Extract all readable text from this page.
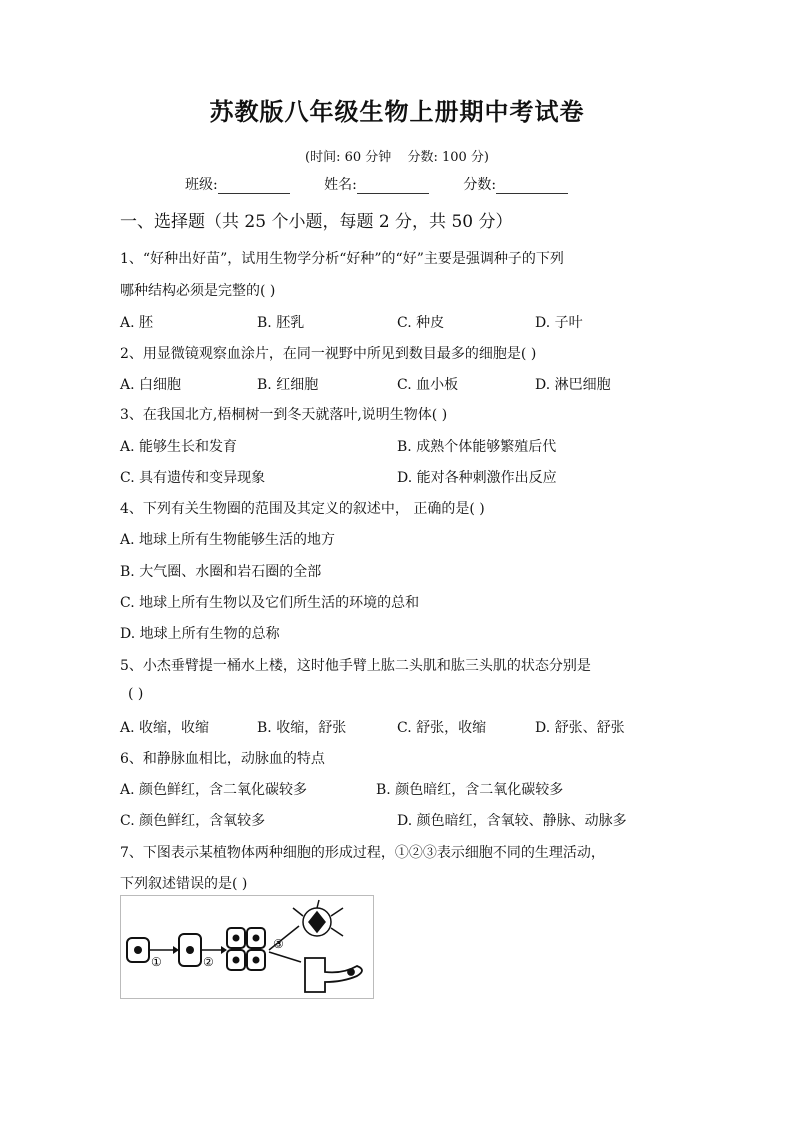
苏教版八年级生物上册期中考试卷
(时间: 60 分钟 分数: 100 分)
班级:	姓名:	分数:
一、选择题（共 25 个小题，每题 2 分，共 50 分）
1、“好种出好苗”，试用生物学分析“好种”的“好”主要是强调种子的下列
哪种结构必须是完整的( )
A. 胚	B. 胚乳	C. 种皮	D. 子叶
2、用显微镜观察血涂片，在同一视野中所见到数目最多的细胞是( )
A. 白细胞	B. 红细胞	C. 血小板	D. 淋巴细胞
3、在我国北方,梧桐树一到冬天就落叶,说明生物体( )
A. 能够生长和发育	B. 成熟个体能够繁殖后代
C. 具有遗传和变异现象	D. 能对各种刺激作出反应
4、下列有关生物圈的范围及其定义的叙述中， 正确的是( )
A. 地球上所有生物能够生活的地方
B. 大气圈、水圈和岩石圈的全部
C. 地球上所有生物以及它们所生活的环境的总和
D. 地球上所有生物的总称
5、小杰垂臂提一桶水上楼，这时他手臂上肱二头肌和肱三头肌的状态分别是
( )
A. 收缩，收缩	B. 收缩，舒张	C. 舒张，收缩	D. 舒张、舒张
6、和静脉血相比，动脉血的特点
A. 颜色鲜红，含二氧化碳较多	B. 颜色暗红，含二氧化碳较多
C. 颜色鲜红，含氧较多	D. 颜色暗红，含氧较、静脉、动脉多
7、下图表示某植物体两种细胞的形成过程，①②③表示细胞不同的生理活动，
下列叙述错误的是( )
①	②
③
